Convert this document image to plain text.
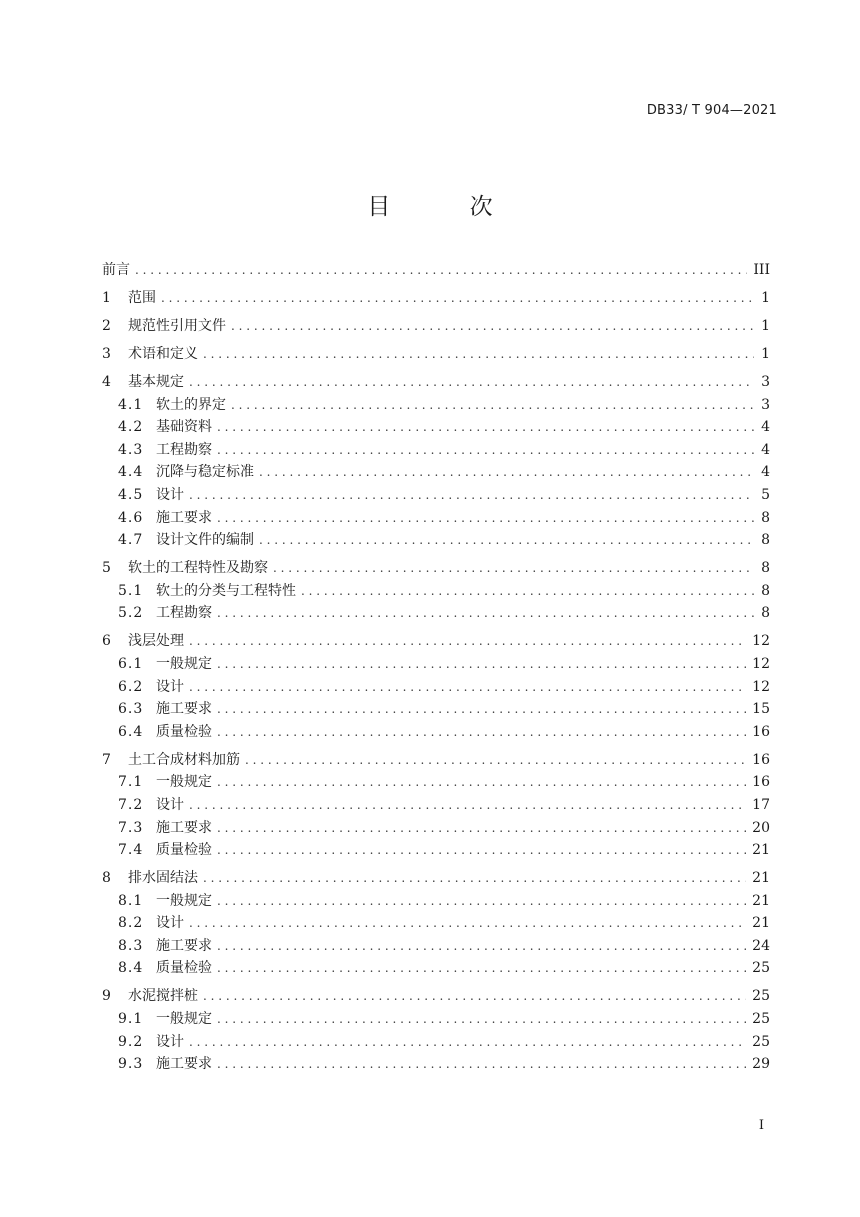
DB33/ T 904—2021
目 次
前言 . . .	III
1	范围 . . .	1
2	规范性引用文件 . . .	1
3	术语和定义 . . .	1
4	基本规定 . . .	3
4.1 软土的界定 . . .	3
4.2 基础资料 . . .	4
4.3 工程勘察 . . .	4
4.4 沉降与稳定标准 . . .	4
4.5 设计 . . .	5
4.6 施工要求 . . .	8
4.7 设计文件的编制 . . .	8
5	软土的工程特性及勘察 . . .	8
5.1 软土的分类与工程特性 . . .	8
5.2 工程勘察 . . .	8
6	浅层处理 . . .	12
6.1 一般规定 . . .	12
6.2 设计 . . .	12
6.3 施工要求 . . .	15
6.4 质量检验 . . .	16
7	土工合成材料加筋 . . .	16
7.1 一般规定 . . .	16
7.2 设计 . . .	17
7.3 施工要求 . . .	20
7.4 质量检验 . . .	21
8	排水固结法 . . .	21
8.1 一般规定 . . .	21
8.2 设计 . . .	21
8.3 施工要求 . . .	24
8.4 质量检验 . . .	25
9	水泥搅拌桩 . . .	25
9.1 一般规定 . . .	25
9.2 设计 . . .	25
9.3 施工要求 . . .	29
I
